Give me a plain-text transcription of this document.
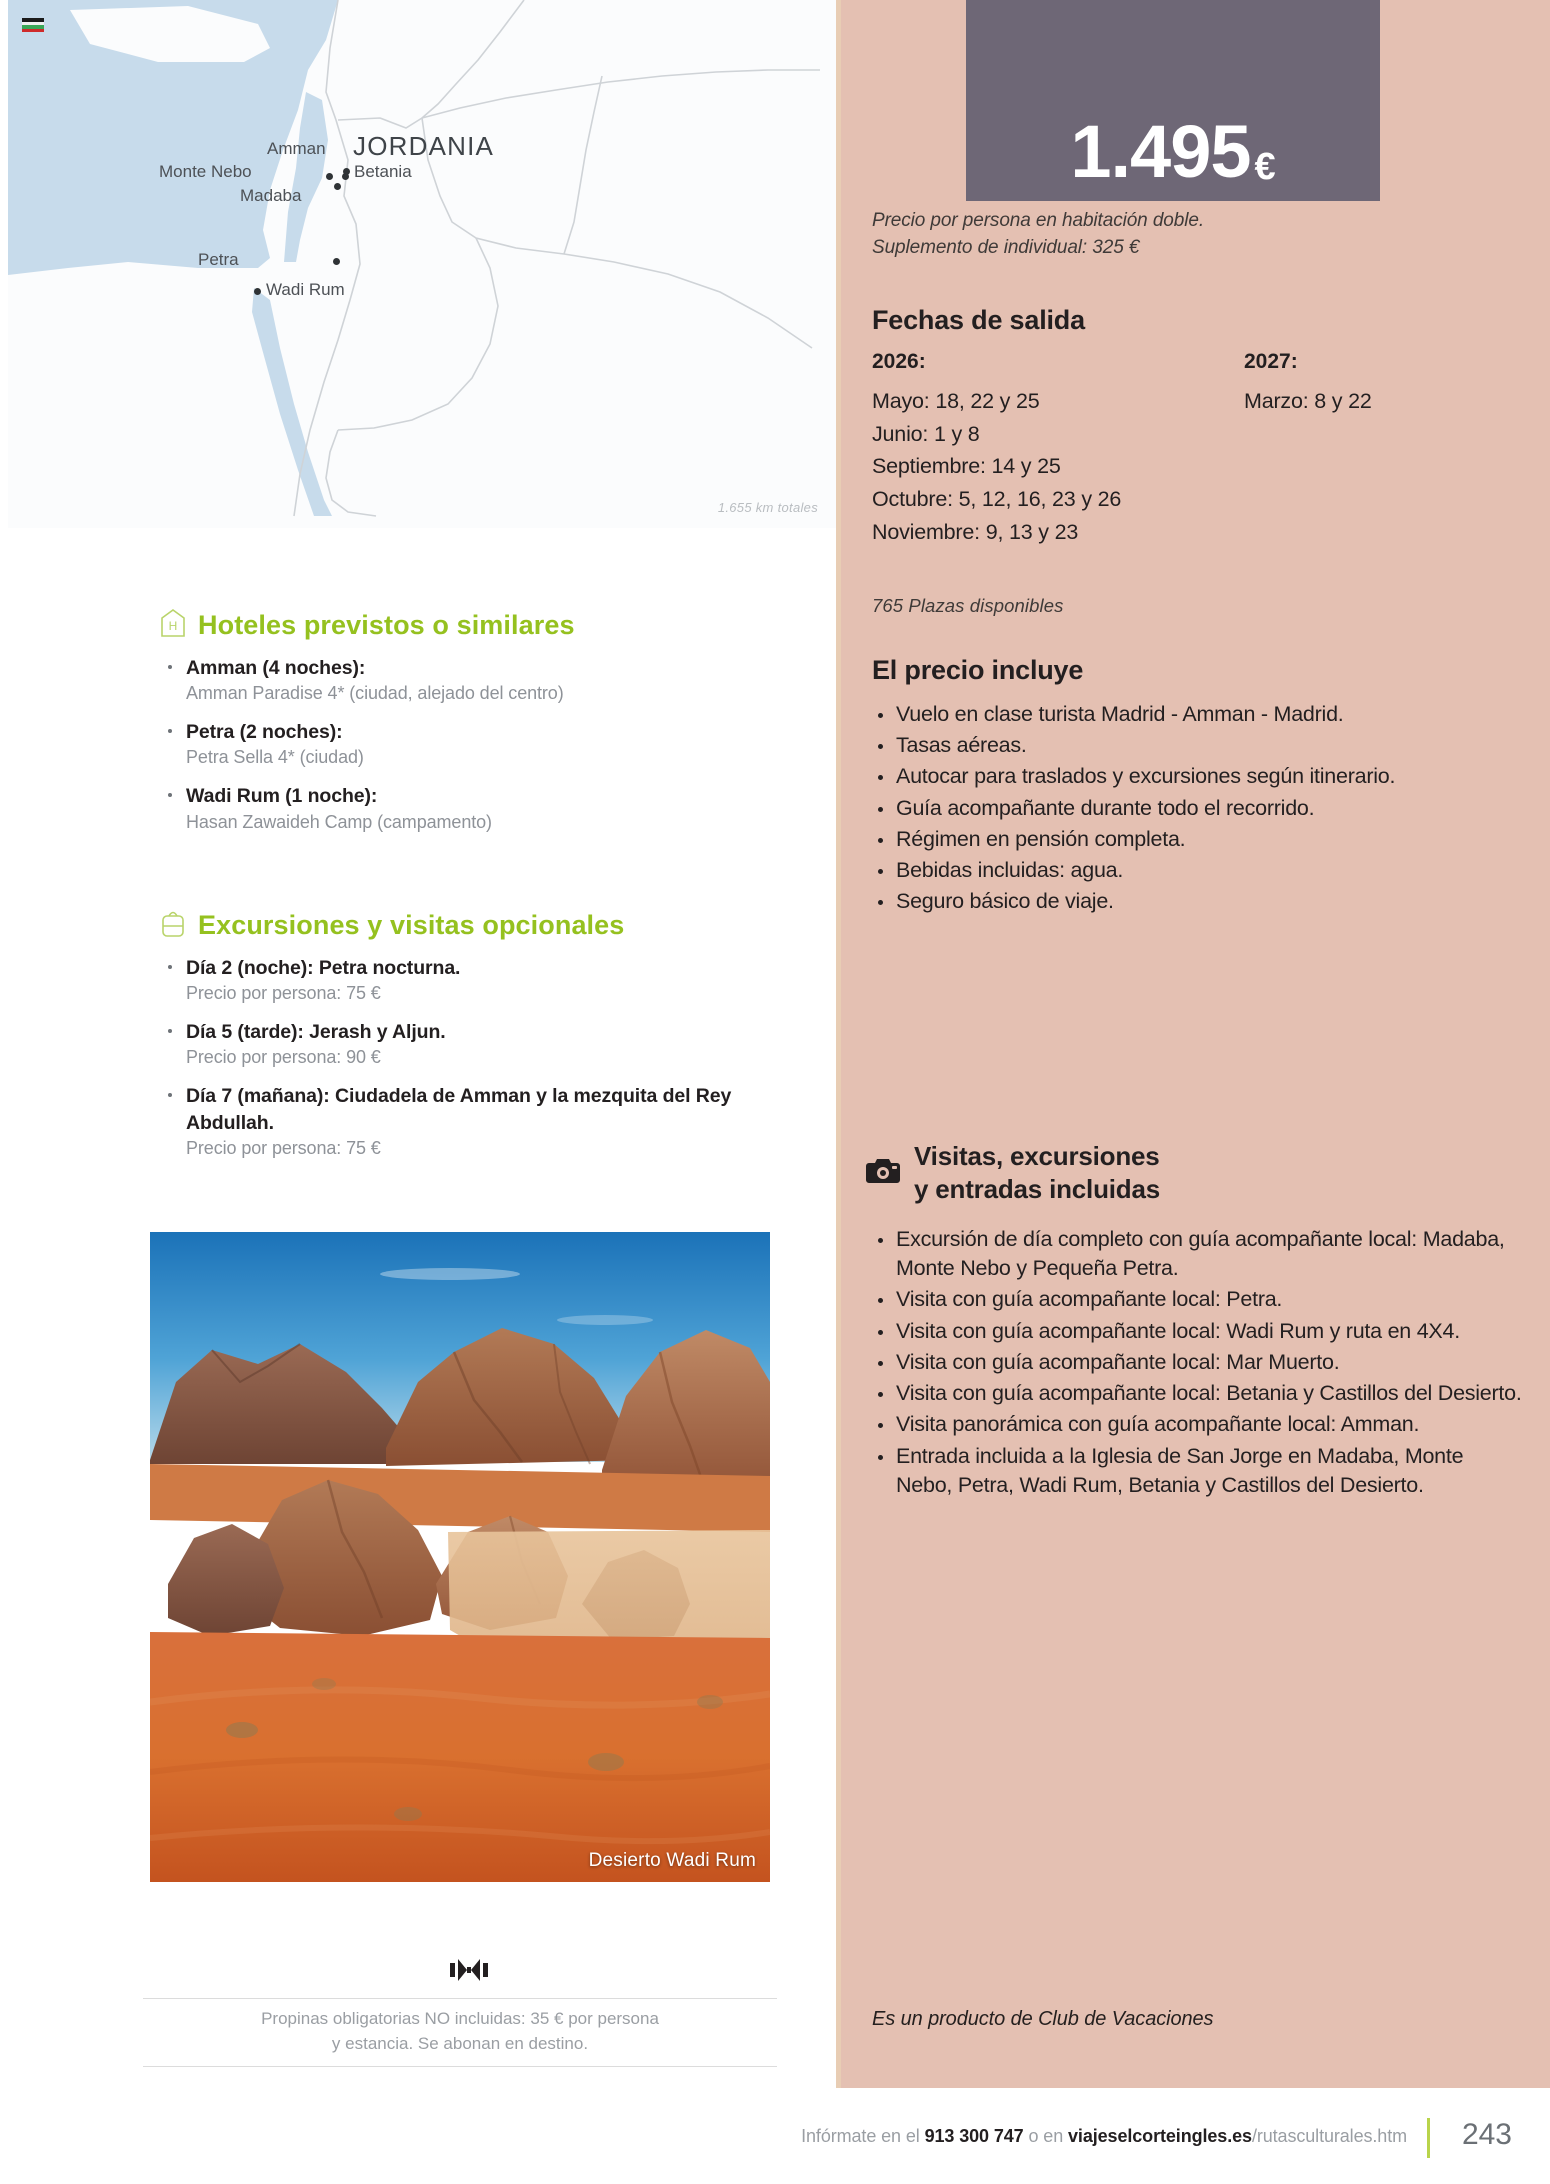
JORDANIA
Amman
Monte Nebo	Betania
Madaba
Petra
Wadi Rum
1.655 km totales
H Hoteles previstos o similares
Amman (4 noches):
Amman Paradise 4* (ciudad, alejado del centro)
Petra (2 noches):
Petra Sella 4* (ciudad)
Wadi Rum (1 noche):
Hasan Zawaideh Camp (campamento)
Excursiones y visitas opcionales
Día 2 (noche): Petra nocturna.
Precio por persona: 75 €
Día 5 (tarde): Jerash y Aljun.
Precio por persona: 90 €
Día 7 (mañana): Ciudadela de Amman y la mezquita del Rey Abdullah.
Precio por persona: 75 €
Desierto Wadi Rum
Propinas obligatorias NO incluidas: 35 € por persona
y estancia. Se abonan en destino.
1.495 €
Precio por persona en habitación doble.
Suplemento de individual: 325 €
Fechas de salida
2026:	2027:
Mayo: 18, 22 y 25
Junio: 1 y 8
Septiembre: 14 y 25
Octubre: 5, 12, 16, 23 y 26
Noviembre: 9, 13 y 23
Marzo: 8 y 22
765 Plazas disponibles
El precio incluye
Vuelo en clase turista Madrid - Amman - Madrid.
Tasas aéreas.
Autocar para traslados y excursiones según itinerario.
Guía acompañante durante todo el recorrido.
Régimen en pensión completa.
Bebidas incluidas: agua.
Seguro básico de viaje.
Visitas, excursiones
y entradas incluidas
Excursión de día completo con guía acompañante local: Madaba, Monte Nebo y Pequeña Petra.
Visita con guía acompañante local: Petra.
Visita con guía acompañante local: Wadi Rum y ruta en 4X4.
Visita con guía acompañante local: Mar Muerto.
Visita con guía acompañante local: Betania y Castillos del Desierto.
Visita panorámica con guía acompañante local: Amman.
Entrada incluida a la Iglesia de San Jorge en Madaba, Monte Nebo, Petra, Wadi Rum, Betania y Castillos del Desierto.
Es un producto de Club de Vacaciones
Infórmate en el 913 300 747 o en viajeselcorteingles.es/rutasculturales.htm 243
